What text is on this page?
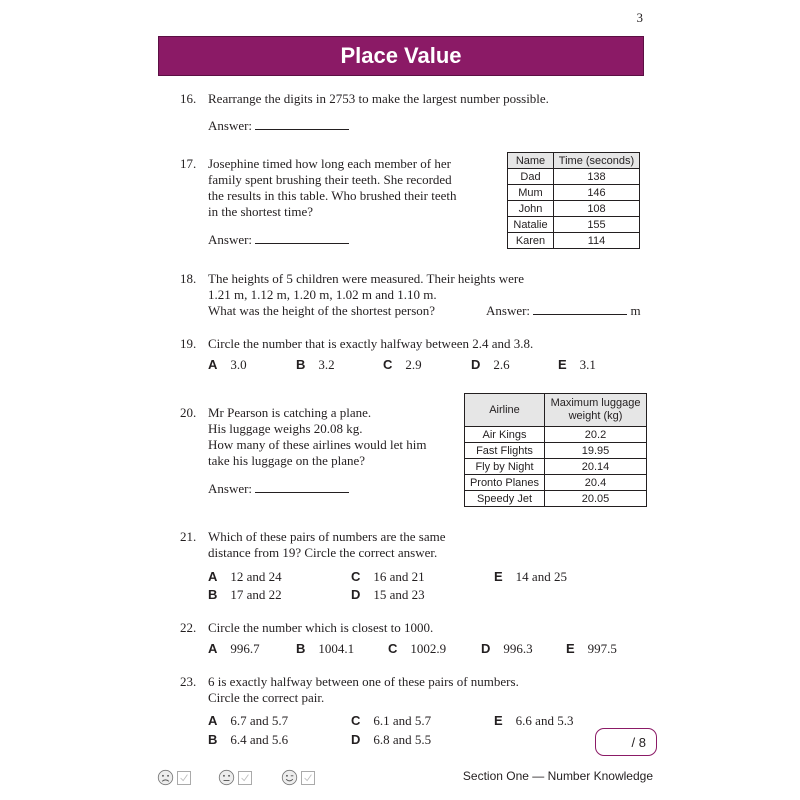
3
Place Value
16. Rearrange the digits in 2753 to make the largest number possible.
Answer:
17. Josephine timed how long each member of her
family spent brushing their teeth. She recorded
the results in this table. Who brushed their teeth
in the shortest time?
Answer:
Name	Time (seconds)
Dad	138
Mum	146
John	108
Natalie	155
Karen	114
18. The heights of 5 children were measured. Their heights were
1.21 m, 1.12 m, 1.20 m, 1.02 m and 1.10 m.
What was the height of the shortest person?	Answer:	m
19. Circle the number that is exactly halfway between 2.4 and 3.8.
A 3.0	B 3.2	C 2.9	D 2.6	E 3.1
20. Mr Pearson is catching a plane.
His luggage weighs 20.08 kg.
How many of these airlines would let him
take his luggage on the plane?
Answer:
Airline	Maximum luggage weight (kg)
Air Kings	20.2
Fast Flights	19.95
Fly by Night	20.14
Pronto Planes	20.4
Speedy Jet	20.05
21. Which of these pairs of numbers are the same
distance from 19? Circle the correct answer.
A 12 and 24
B 17 and 22
C 16 and 21
D 15 and 23
E 14 and 25
22. Circle the number which is closest to 1000.
A 996.7	B 1004.1	C 1002.9	D 996.3	E 997.5
23. 6 is exactly halfway between one of these pairs of numbers.
Circle the correct pair.
A 6.7 and 5.7
B 6.4 and 5.6
C 6.1 and 5.7
D 6.8 and 5.5
E 6.6 and 5.3
/ 8
Section One — Number Knowledge
